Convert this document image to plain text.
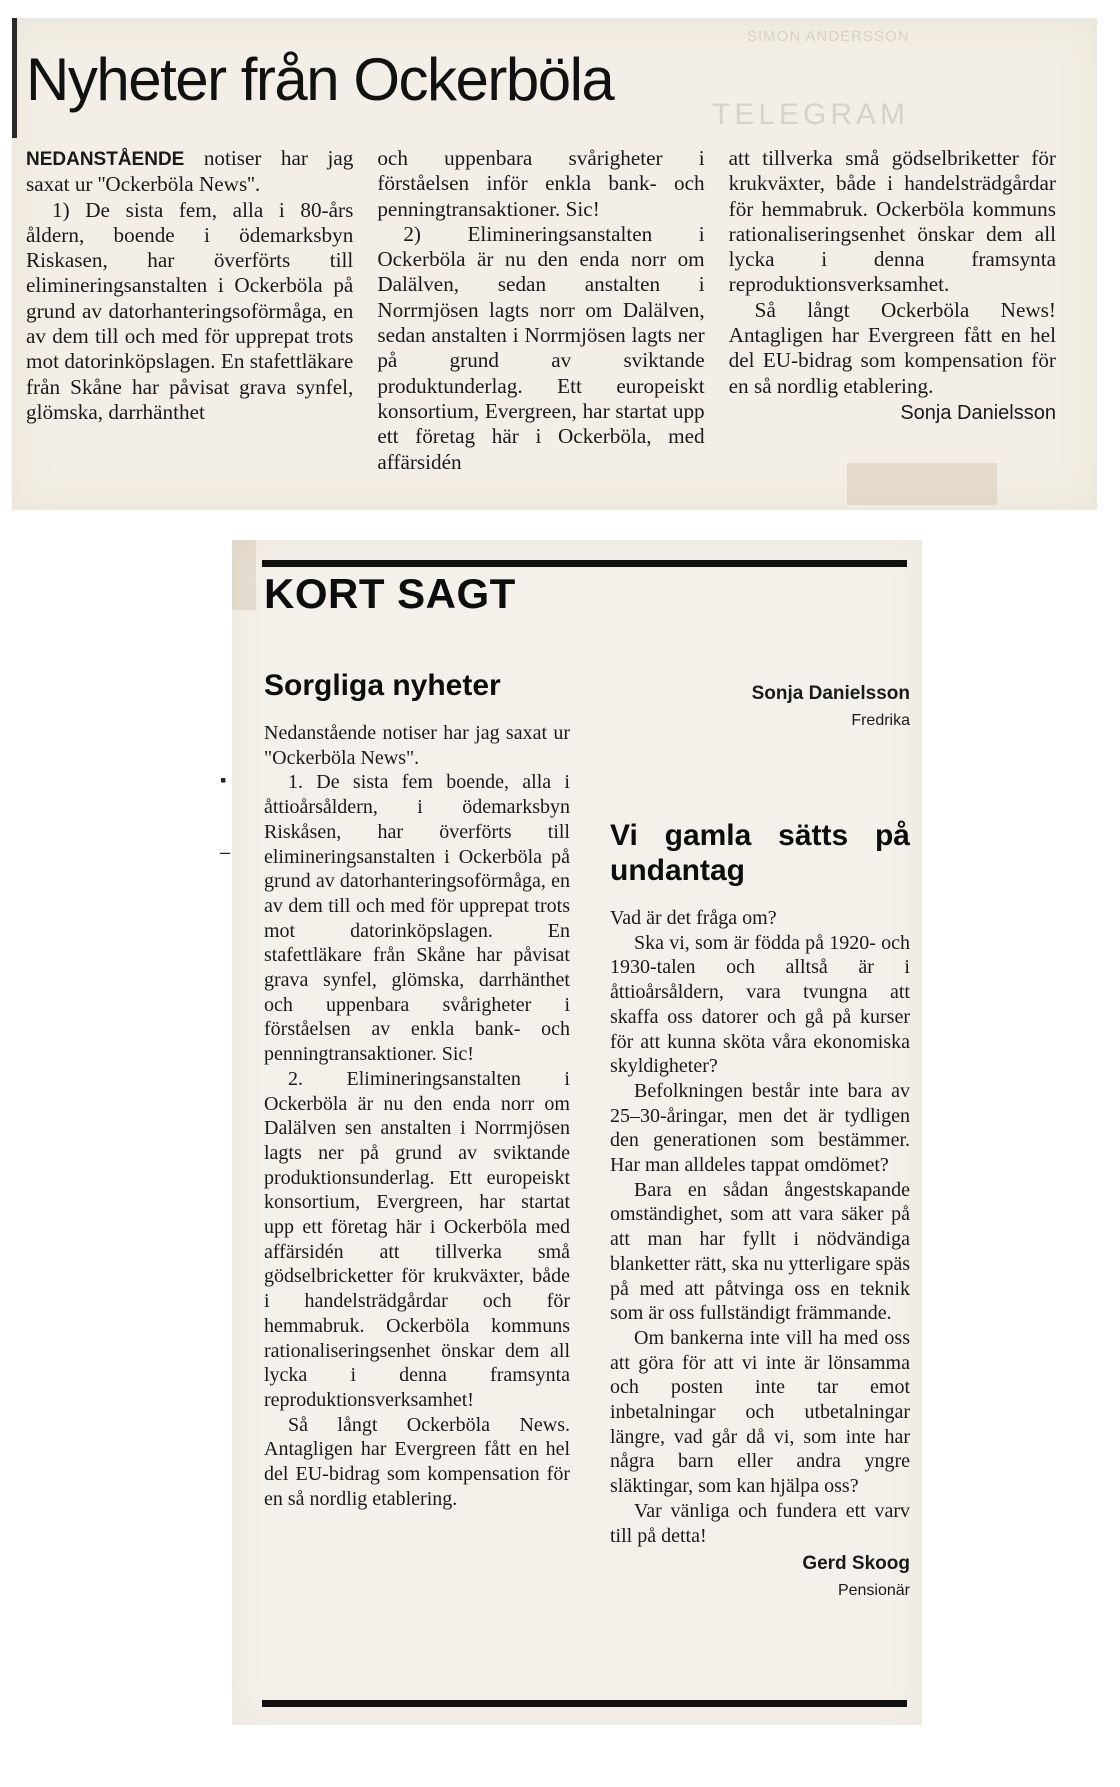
SIMON ANDERSSON
TELEGRAM
Nyheter från Ockerböla

NEDANSTÅENDE notiser har jag saxat ur ''Ockerböla News''.

1) De sista fem, alla i 80-års åldern, boende i ödemarksbyn Riskasen, har överförts till elimineringsanstalten i Ockerböla på grund av datorhanteringsoförmåga, en av dem till och med för upprepat trots mot datorinköpslagen. En stafettläkare från Skåne har påvisat grava synfel, glömska, darrhänthet

och uppenbara svårigheter i förståelsen inför enkla bank- och penningtransaktioner. Sic!

2) Elimineringsanstalten i Ockerböla är nu den enda norr om Dalälven, sedan anstalten i Norrmjösen lagts norr om Dalälven, sedan anstalten i Norrmjösen lagts ner på grund av sviktande produktunderlag. Ett europeiskt konsortium, Evergreen, har startat upp ett företag här i Ockerböla, med affärsidén

att tillverka små gödselbriketter för krukväxter, både i handelsträdgårdar för hemmabruk. Ockerböla kommuns rationaliseringsenhet önskar dem all lycka i denna framsynta reproduktionsverksamhet.

Så långt Ockerböla News! Antagligen har Evergreen fått en hel del EU-bidrag som kompensation för en så nordlig etablering.

Sonja Danielsson

KORT SAGT
▪
–
Sorgliga nyheter

Nedanstående notiser har jag saxat ur "Ockerböla News".

1. De sista fem boende, alla i åttioårsåldern, i ödemarksbyn Riskåsen, har överförts till elimineringsanstalten i Ockerböla på grund av datorhanteringsoförmåga, en av dem till och med för upprepat trots mot datorinköpslagen. En stafettläkare från Skåne har påvisat grava synfel, glömska, darrhänthet och uppenbara svårigheter i förståelsen av enkla bank- och penningtransaktioner. Sic!

2. Elimineringsanstalten i Ockerböla är nu den enda norr om Dalälven sen anstalten i Norrmjösen lagts ner på grund av sviktande produktionsunderlag. Ett europeiskt konsortium, Evergreen, har startat upp ett företag här i Ockerböla med affärsidén att tillverka små gödselbricketter för krukväxter, både i handelsträdgårdar och för hemmabruk. Ockerböla kommuns rationaliseringsenhet önskar dem all lycka i denna framsynta reproduktionsverksamhet!

Så långt Ockerböla News. Antagligen har Evergreen fått en hel del EU-bidrag som kompensation för en så nordlig etablering.

Sonja Danielsson

Fredrika

Vi gamla sätts på undantag

Vad är det fråga om?

Ska vi, som är födda på 1920- och 1930-talen och alltså är i åttioårsåldern, vara tvungna att skaffa oss datorer och gå på kurser för att kunna sköta våra ekonomiska skyldigheter?

Befolkningen består inte bara av 25–30-åringar, men det är tydligen den generationen som bestämmer. Har man alldeles tappat omdömet?

Bara en sådan ångestskapande omständighet, som att vara säker på att man har fyllt i nödvändiga blanketter rätt, ska nu ytterligare späs på med att påtvinga oss en teknik som är oss fullständigt främmande.

Om bankerna inte vill ha med oss att göra för att vi inte är lönsamma och posten inte tar emot inbetalningar och utbetalningar längre, vad går då vi, som inte har några barn eller andra yngre släktingar, som kan hjälpa oss?

Var vänliga och fundera ett varv till på detta!

Gerd Skoog

Pensionär
